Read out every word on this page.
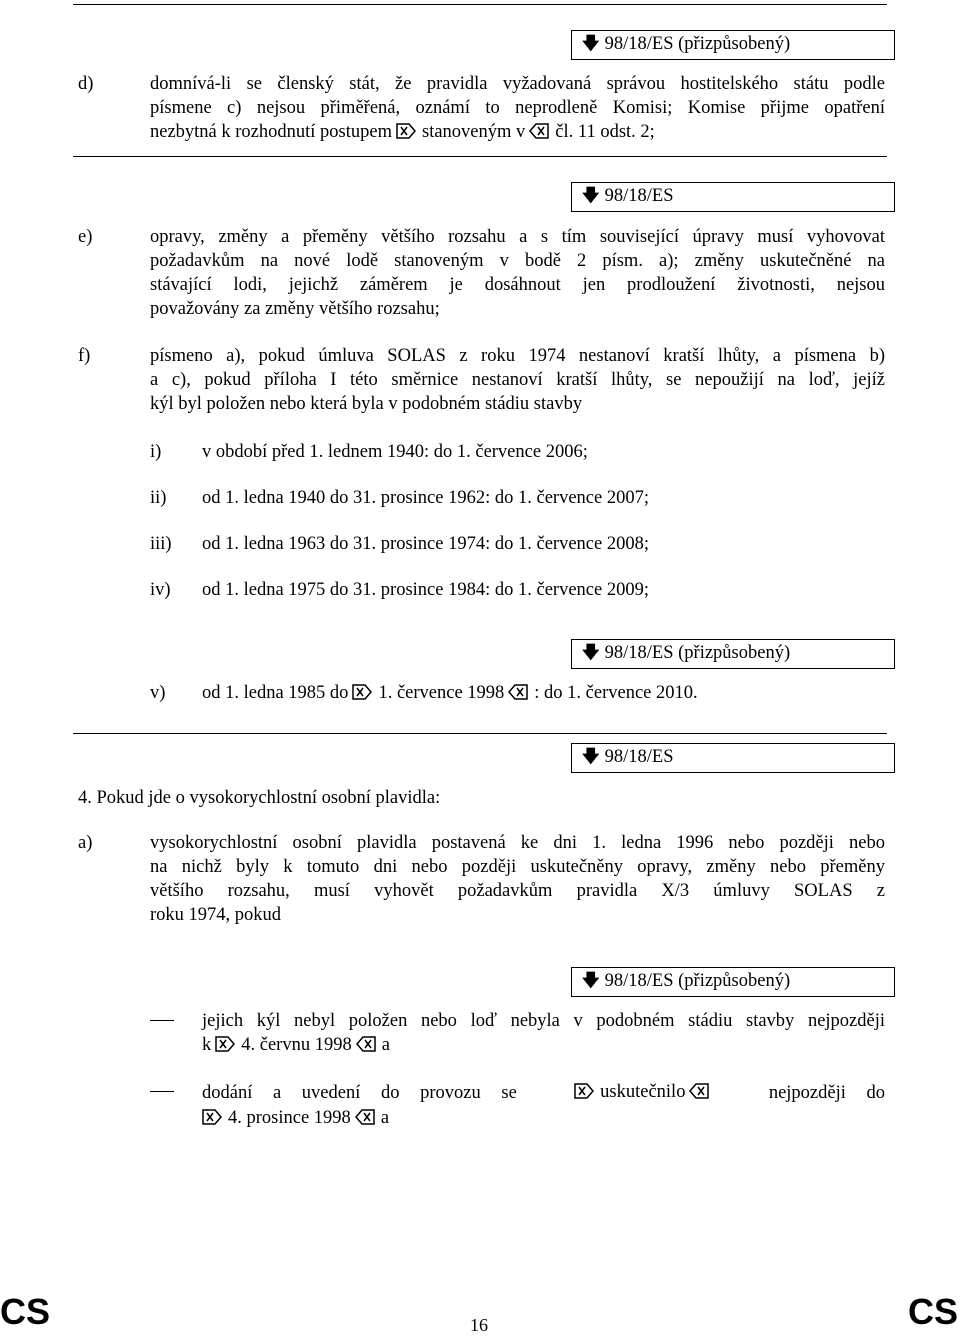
🡇 98/18/ES (přizpůsobený)
d)	domnívá-li se členský stát, že pravidla vyžadovaná správou hostitelského státu podle
písmene c) nejsou přiměřená, oznámí to neprodleně Komisi; Komise přijme opatření
nezbytná k rozhodnutí postupem stanoveným v čl. 11 odst. 2;
🡇 98/18/ES
e)	opravy, změny a přeměny většího rozsahu a s tím související úpravy musí vyhovovat
požadavkům na nové lodě stanoveným v bodě 2 písm. a); změny uskutečněné na
stávající lodi, jejichž záměrem je dosáhnout jen prodloužení životnosti, nejsou
považovány za změny většího rozsahu;
f)	písmeno a), pokud úmluva SOLAS z roku 1974 nestanoví kratší lhůty, a písmena b)
a c), pokud příloha I této směrnice nestanoví kratší lhůty, se nepoužijí na loď, jejíž
kýl byl položen nebo která byla v podobném stádiu stavby
i) v období před 1. lednem 1940: do 1. července 2006;
ii) od 1. ledna 1940 do 31. prosince 1962: do 1. července 2007;
iii) od 1. ledna 1963 do 31. prosince 1974: do 1. července 2008;
iv) od 1. ledna 1975 do 31. prosince 1984: do 1. července 2009;
🡇 98/18/ES (přizpůsobený)
v) od 1. ledna 1985 do 1. července 1998 : do 1. července 2010.
🡇 98/18/ES
4. Pokud jde o vysokorychlostní osobní plavidla:
a)	vysokorychlostní osobní plavidla postavená ke dni 1. ledna 1996 nebo později nebo
na nichž byly k tomuto dni nebo později uskutečněny opravy, změny nebo přeměny
většího rozsahu, musí vyhovět požadavkům pravidla X/3 úmluvy SOLAS z
roku 1974, pokud
🡇 98/18/ES (přizpůsobený)
jejich kýl nebyl položen nebo loď nebyla v podobném stádiu stavby nejpozději
k 4. červnu 1998 a
dodání a uvedení do provozu se	uskutečnilo	nejpozději do
4. prosince 1998 a
CS	16	CS
